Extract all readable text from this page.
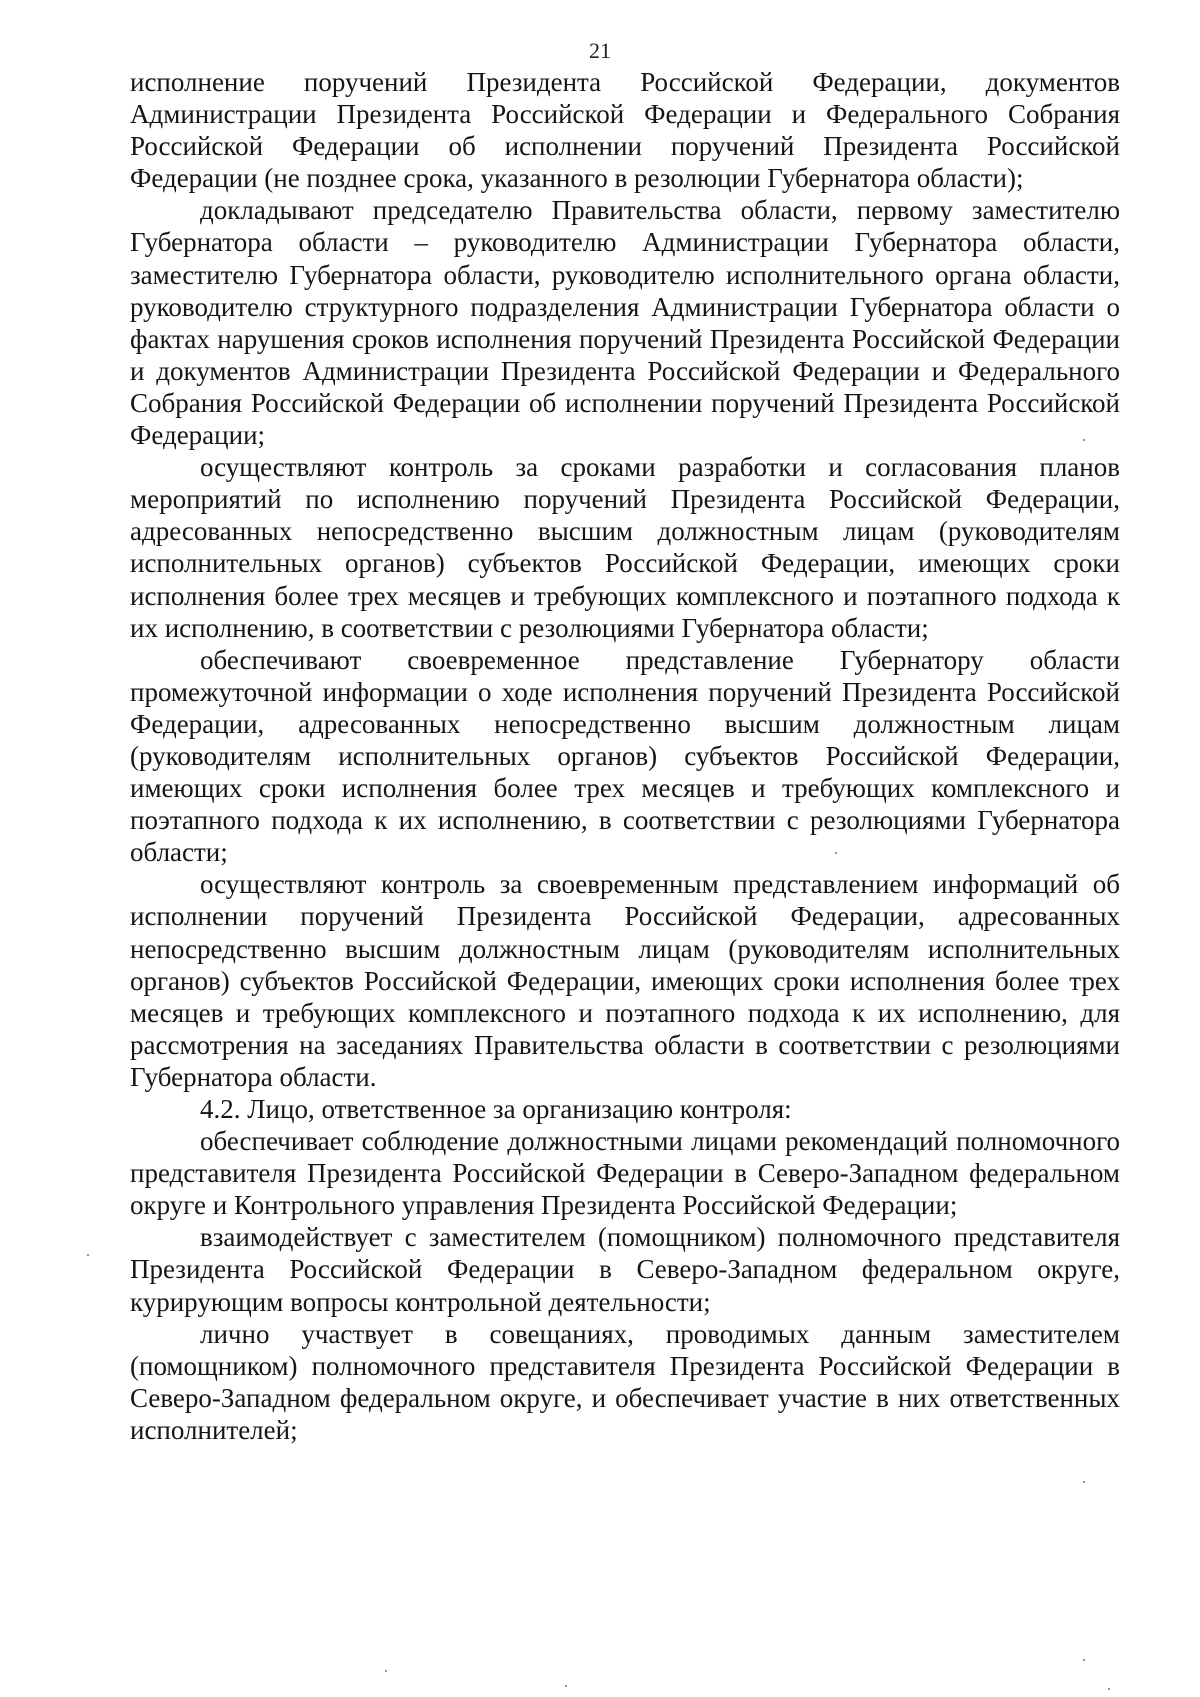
21

исполнение поручений Президента Российской Федерации, документов Администрации Президента Российской Федерации и Федерального Собрания Российской Федерации об исполнении поручений Президента Российской Федерации (не позднее срока, указанного в резолюции Губернатора области);

докладывают председателю Правительства области, первому заместителю Губернатора области – руководителю Администрации Губернатора области, заместителю Губернатора области, руководителю исполнительного органа области, руководителю структурного подразделения Администрации Губернатора области о фактах нарушения сроков исполнения поручений Президента Российской Федерации и документов Администрации Президента Российской Федерации и Федерального Собрания Российской Федерации об исполнении поручений Президента Российской Федерации;

осуществляют контроль за сроками разработки и согласования планов мероприятий по исполнению поручений Президента Российской Федерации, адресованных непосредственно высшим должностным лицам (руководителям исполнительных органов) субъектов Российской Федерации, имеющих сроки исполнения более трех месяцев и требующих комплексного и поэтапного подхода к их исполнению, в соответствии с резолюциями Губернатора области;

обеспечивают своевременное представление Губернатору области промежуточной информации о ходе исполнения поручений Президента Российской Федерации, адресованных непосредственно высшим должностным лицам (руководителям исполнительных органов) субъектов Российской Федерации, имеющих сроки исполнения более трех месяцев и требующих комплексного и поэтапного подхода к их исполнению, в соответствии с резолюциями Губернатора области;

осуществляют контроль за своевременным представлением информаций об исполнении поручений Президента Российской Федерации, адресованных непосредственно высшим должностным лицам (руководителям исполнительных органов) субъектов Российской Федерации, имеющих сроки исполнения более трех месяцев и требующих комплексного и поэтапного подхода к их исполнению, для рассмотрения на заседаниях Правительства области в соответствии с резолюциями Губернатора области.

4.2. Лицо, ответственное за организацию контроля:

обеспечивает соблюдение должностными лицами рекомендаций полномочного представителя Президента Российской Федерации в Северо-Западном федеральном округе и Контрольного управления Президента Российской Федерации;

взаимодействует с заместителем (помощником) полномочного представителя Президента Российской Федерации в Северо-Западном федеральном округе, курирующим вопросы контрольной деятельности;

лично участвует в совещаниях, проводимых данным заместителем (помощником) полномочного представителя Президента Российской Федерации в Северо-Западном федеральном округе, и обеспечивает участие в них ответственных исполнителей;
